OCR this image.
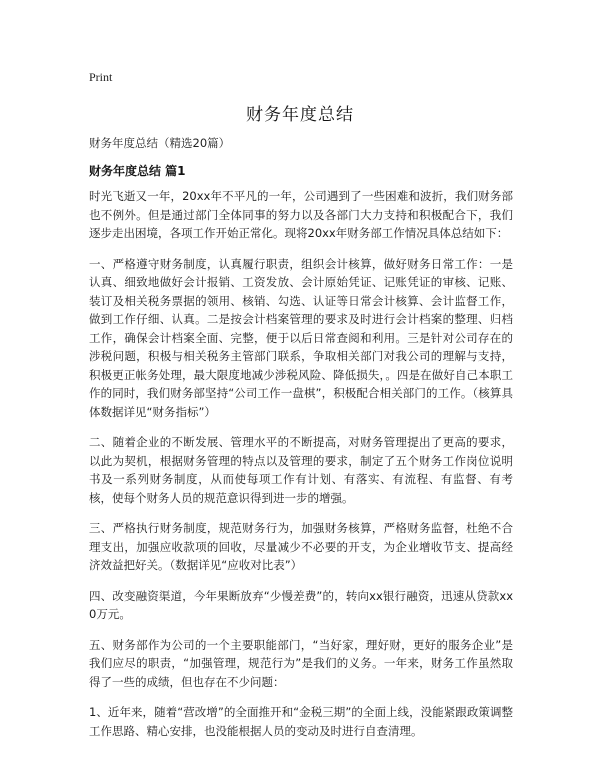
Print
财务年度总结
财务年度总结（精选20篇）
财务年度总结 篇1

时光飞逝又一年，20xx年不平凡的一年，公司遇到了一些困难和波折，我们财务部也不例外。但是通过部门全体同事的努力以及各部门大力支持和积极配合下，我们逐步走出困境，各项工作开始正常化。现将20xx年财务部工作情况具体总结如下：

一、严格遵守财务制度，认真履行职责，组织会计核算，做好财务日常工作：一是认真、细致地做好会计报销、工资发放、会计原始凭证、记账凭证的审核、记账、装订及相关税务票据的领用、核销、勾选、认证等日常会计核算、会计监督工作，做到工作仔细、认真。二是按会计档案管理的要求及时进行会计档案的整理、归档工作，确保会计档案全面、完整，便于以后日常查阅和利用。三是针对公司存在的涉税问题，积极与相关税务主管部门联系，争取相关部门对我公司的理解与支持，积极更正帐务处理，最大限度地减少涉税风险、降低损失，。四是在做好自己本职工作的同时，我们财务部坚持“公司工作一盘棋”，积极配合相关部门的工作。（核算具体数据详见“财务指标”）

二、随着企业的不断发展、管理水平的不断提高，对财务管理提出了更高的要求，以此为契机，根据财务管理的特点以及管理的要求，制定了五个财务工作岗位说明书及一系列财务制度，从而使每项工作有计划、有落实、有流程、有监督、有考核，使每个财务人员的规范意识得到进一步的增强。

三、严格执行财务制度，规范财务行为，加强财务核算，严格财务监督，杜绝不合理支出，加强应收款项的回收，尽量减少不必要的开支，为企业增收节支、提高经济效益把好关。（数据详见“应收对比表”）

四、改变融资渠道，今年果断放弃“少慢差费”的，转向xx银行融资，迅速从贷款xx0万元。

五、财务部作为公司的一个主要职能部门，“当好家，理好财，更好的服务企业”是我们应尽的职责，“加强管理，规范行为”是我们的义务。一年来，财务工作虽然取得了一些的成绩，但也存在不少问题：

1、近年来，随着“营改增”的全面推开和“金税三期”的全面上线，没能紧跟政策调整工作思路、精心安排，也没能根据人员的变动及时进行自查清理。
